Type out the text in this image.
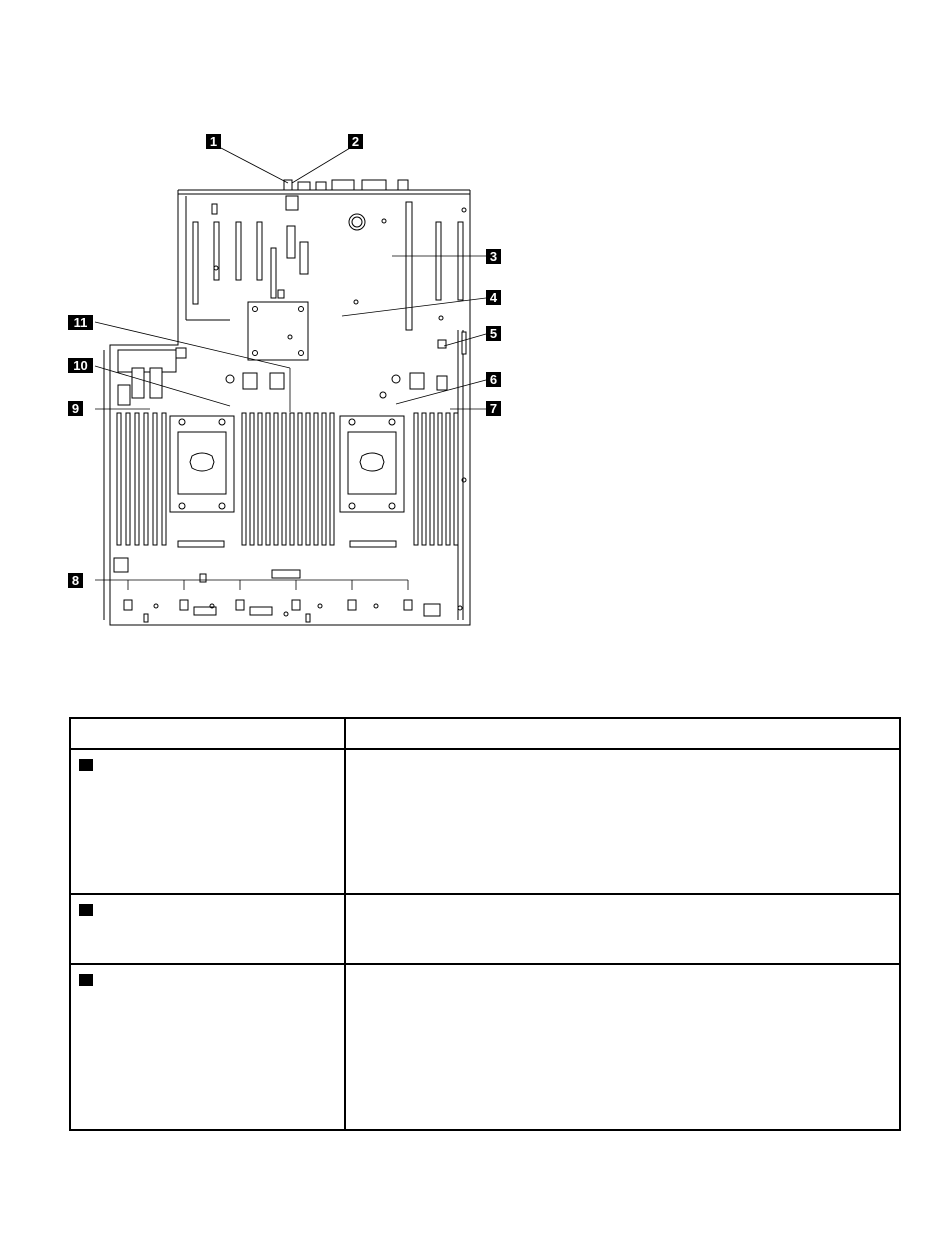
1	2
3
4
5
6
7
8
9
10
11
